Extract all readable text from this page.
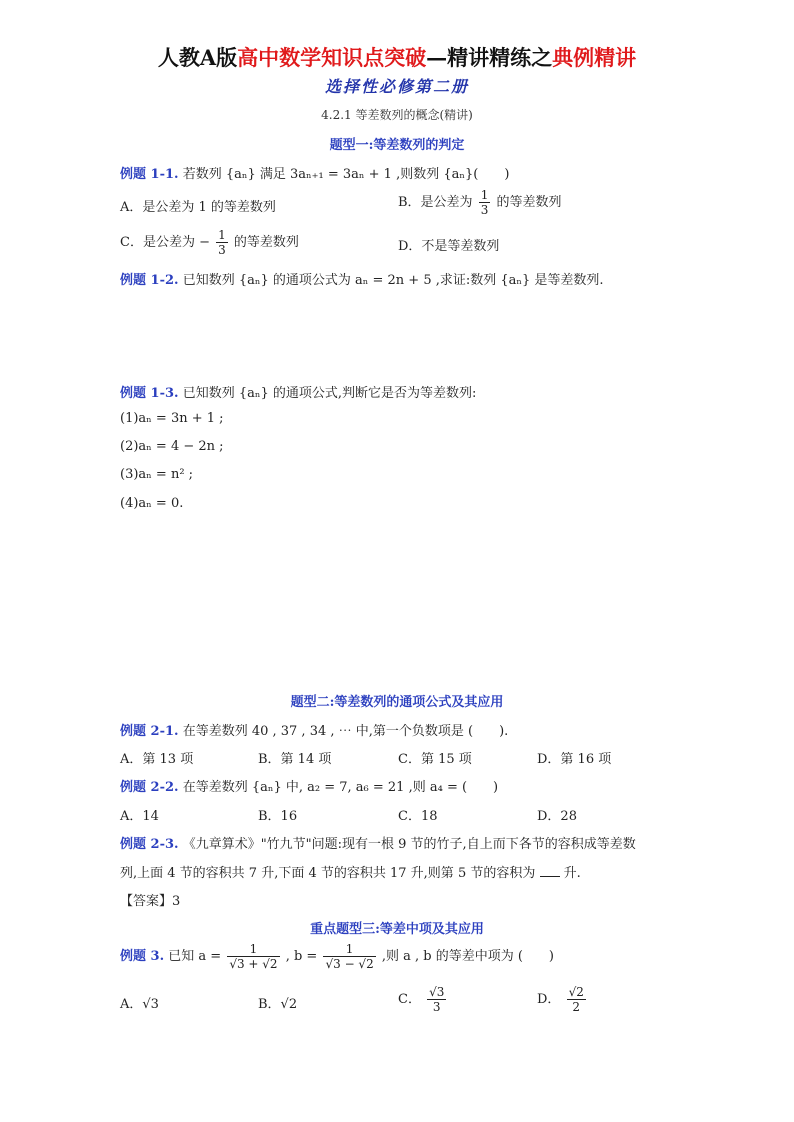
人教A版高中数学知识点突破—精讲精练之典例精讲
选择性必修第二册
4.2.1 等差数列的概念(精讲)
题型一:等差数列的判定
例题 1-1. 若数列 {aₙ} 满足 3aₙ₊₁ = 3aₙ + 1 ,则数列 {aₙ}(　　)
A．是公差为 1 的等差数列	B．是公差为 $\frac{1}{3}$ 的等差数列
C．是公差为 − $\frac{1}{3}$ 的等差数列	D．不是等差数列
例题 1-2. 已知数列 {aₙ} 的通项公式为 aₙ = 2n + 5 ,求证:数列 {aₙ} 是等差数列.
例题 1-3. 已知数列 {aₙ} 的通项公式,判断它是否为等差数列:
(1)aₙ = 3n + 1 ;
(2)aₙ = 4 − 2n ;
(3)aₙ = n² ;
(4)aₙ = 0.
题型二:等差数列的通项公式及其应用
例题 2-1. 在等差数列 40 , 37 , 34 , ⋯ 中,第一个负数项是 (　　).
A．第 13 项	B．第 14 项	C．第 15 项	D．第 16 项
例题 2-2. 在等差数列 {aₙ} 中, a₂ = 7, a₆ = 21 ,则 a₄ = (　　)
A．14	B．16	C．18	D．28
例题 2-3. 《九章算术》"竹九节"问题:现有一根 9 节的竹子,自上而下各节的容积成等差数
列,上面 4 节的容积共 7 升,下面 4 节的容积共 17 升,则第 5 节的容积为 升.
【答案】3
重点题型三:等差中项及其应用
例题 3. 已知 $a = \frac{1}{√3 + √2}$ , $b = \frac{1}{√3 - √2}$ ,则 a , b 的等差中项为 (　　)
A．√3	B．√2	C． $\frac{√3}{3}$	D． $\frac{√2}{2}$
